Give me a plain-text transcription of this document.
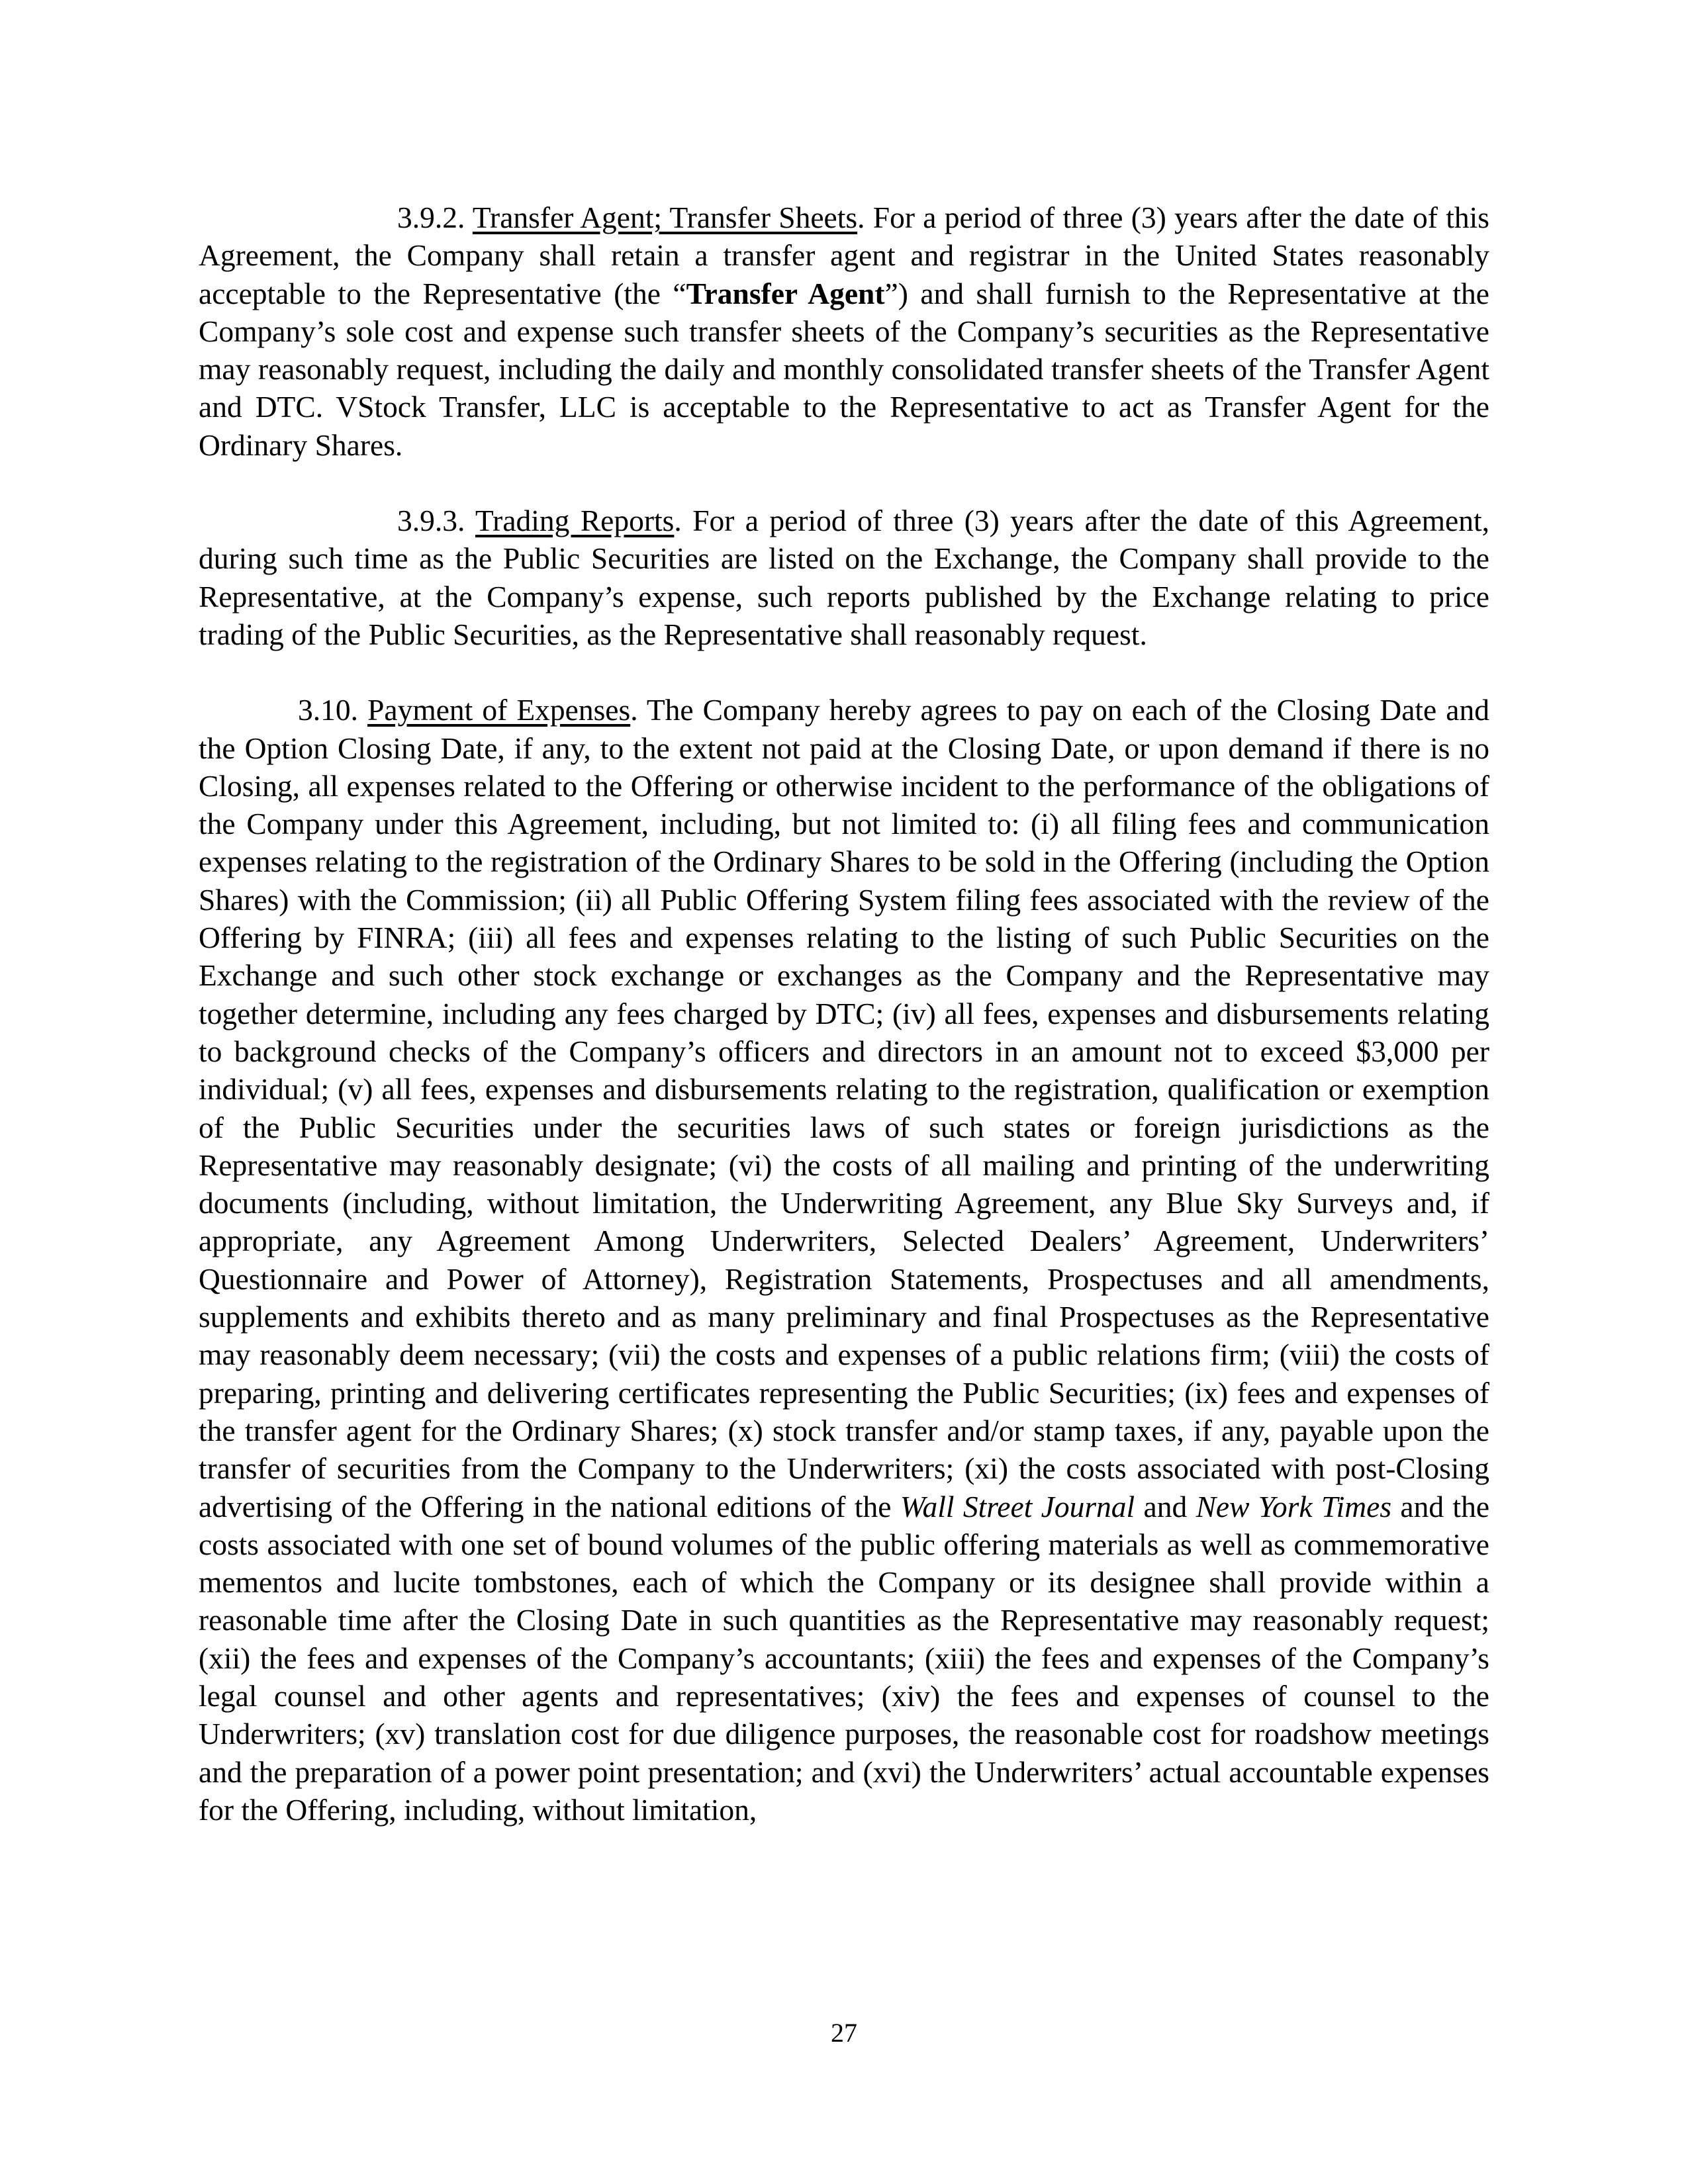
3.9.2. Transfer Agent; Transfer Sheets. For a period of three (3) years after the date of this Agreement, the Company shall retain a transfer agent and registrar in the United States reasonably acceptable to the Representative (the “Transfer Agent”) and shall furnish to the Representative at the Company’s sole cost and expense such transfer sheets of the Company’s securities as the Representative may reasonably request, including the daily and monthly consolidated transfer sheets of the Transfer Agent and DTC. VStock Transfer, LLC is acceptable to the Representative to act as Transfer Agent for the Ordinary Shares.

3.9.3. Trading Reports. For a period of three (3) years after the date of this Agreement, during such time as the Public Securities are listed on the Exchange, the Company shall provide to the Representative, at the Company’s expense, such reports published by the Exchange relating to price trading of the Public Securities, as the Representative shall reasonably request.

3.10. Payment of Expenses. The Company hereby agrees to pay on each of the Closing Date and the Option Closing Date, if any, to the extent not paid at the Closing Date, or upon demand if there is no Closing, all expenses related to the Offering or otherwise incident to the performance of the obligations of the Company under this Agreement, including, but not limited to: (i) all filing fees and communication expenses relating to the registration of the Ordinary Shares to be sold in the Offering (including the Option Shares) with the Commission; (ii) all Public Offering System filing fees associated with the review of the Offering by FINRA; (iii) all fees and expenses relating to the listing of such Public Securities on the Exchange and such other stock exchange or exchanges as the Company and the Representative may together determine, including any fees charged by DTC; (iv) all fees, expenses and disbursements relating to background checks of the Company’s officers and directors in an amount not to exceed $3,000 per individual; (v) all fees, expenses and disbursements relating to the registration, qualification or exemption of the Public Securities under the securities laws of such states or foreign jurisdictions as the Representative may reasonably designate; (vi) the costs of all mailing and printing of the underwriting documents (including, without limitation, the Underwriting Agreement, any Blue Sky Surveys and, if appropriate, any Agreement Among Underwriters, Selected Dealers’ Agreement, Underwriters’ Questionnaire and Power of Attorney), Registration Statements, Prospectuses and all amendments, supplements and exhibits thereto and as many preliminary and final Prospectuses as the Representative may reasonably deem necessary; (vii) the costs and expenses of a public relations firm; (viii) the costs of preparing, printing and delivering certificates representing the Public Securities; (ix) fees and expenses of the transfer agent for the Ordinary Shares; (x) stock transfer and/or stamp taxes, if any, payable upon the transfer of securities from the Company to the Underwriters; (xi) the costs associated with post-Closing advertising of the Offering in the national editions of the Wall Street Journal and New York Times and the costs associated with one set of bound volumes of the public offering materials as well as commemorative mementos and lucite tombstones, each of which the Company or its designee shall provide within a reasonable time after the Closing Date in such quantities as the Representative may reasonably request; (xii) the fees and expenses of the Company’s accountants; (xiii) the fees and expenses of the Company’s legal counsel and other agents and representatives; (xiv) the fees and expenses of counsel to the Underwriters; (xv) translation cost for due diligence purposes, the reasonable cost for roadshow meetings and the preparation of a power point presentation; and (xvi) the Underwriters’ actual accountable expenses for the Offering, including, without limitation,

27
